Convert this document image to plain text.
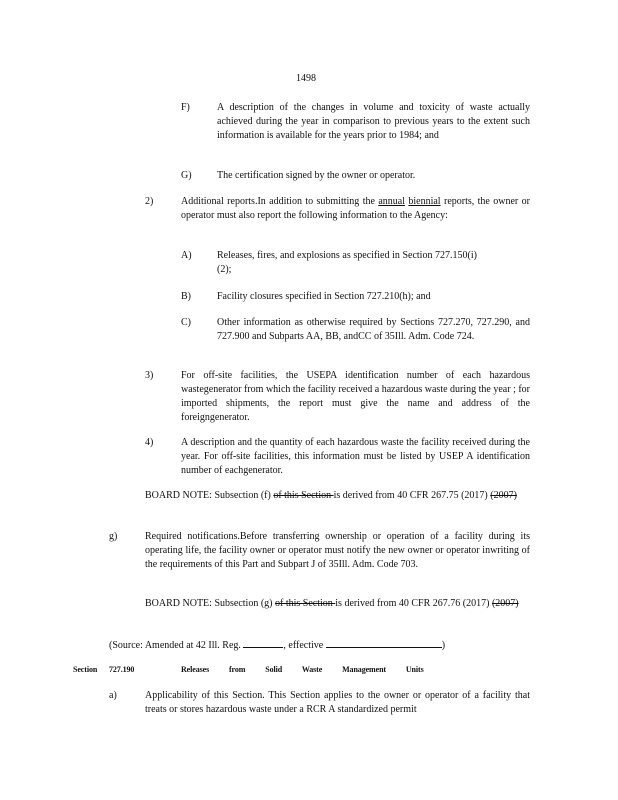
1498
F)	A description of the changes in volume and toxicity of waste actually achieved during the year in comparison to previous years to the extent such information is available for the years prior to 1984; and
G)	The certification signed by the owner or operator.
2)	Additional reports.In addition to submitting the annual biennial reports, the owner or operator must also report the following information to the Agency:
A)	Releases, fires, and explosions as specified in Section 727.150(i)(2);
B)	Facility closures specified in Section 727.210(h); and
C)	Other information as otherwise required by Sections 727.270, 727.290, and 727.900 and Subparts AA, BB, andCC of 35Ill. Adm. Code 724.
3)	For off-site facilities, the USEPA identification number of each hazardous wastegenerator from which the facility received a hazardous waste during the year ; for imported shipments, the report must give the name and address of the foreigngenerator.
4)	A description and the quantity of each hazardous waste the facility received during the year. For off-site facilities, this information must be listed by USEP A identification number of eachgenerator.
BOARD NOTE: Subsection (f) of this Section is derived from 40 CFR 267.75 (2017) (2007)
g)	Required notifications.Before transferring ownership or operation of a facility during its operating life, the facility owner or operator must notify the new owner or operator inwriting of the requirements of this Part and Subpart J of 35Ill. Adm. Code 703.
BOARD NOTE: Subsection (g) of this Section is derived from 40 CFR 267.76 (2017) (2007)
(Source: Amended at 42 Ill. Reg.	, effective	)
Section 727.190	Releases from Solid Waste Management Units
a)	Applicability of this Section. This Section applies to the owner or operator of a facility that treats or stores hazardous waste under a RCR A standardized permit
